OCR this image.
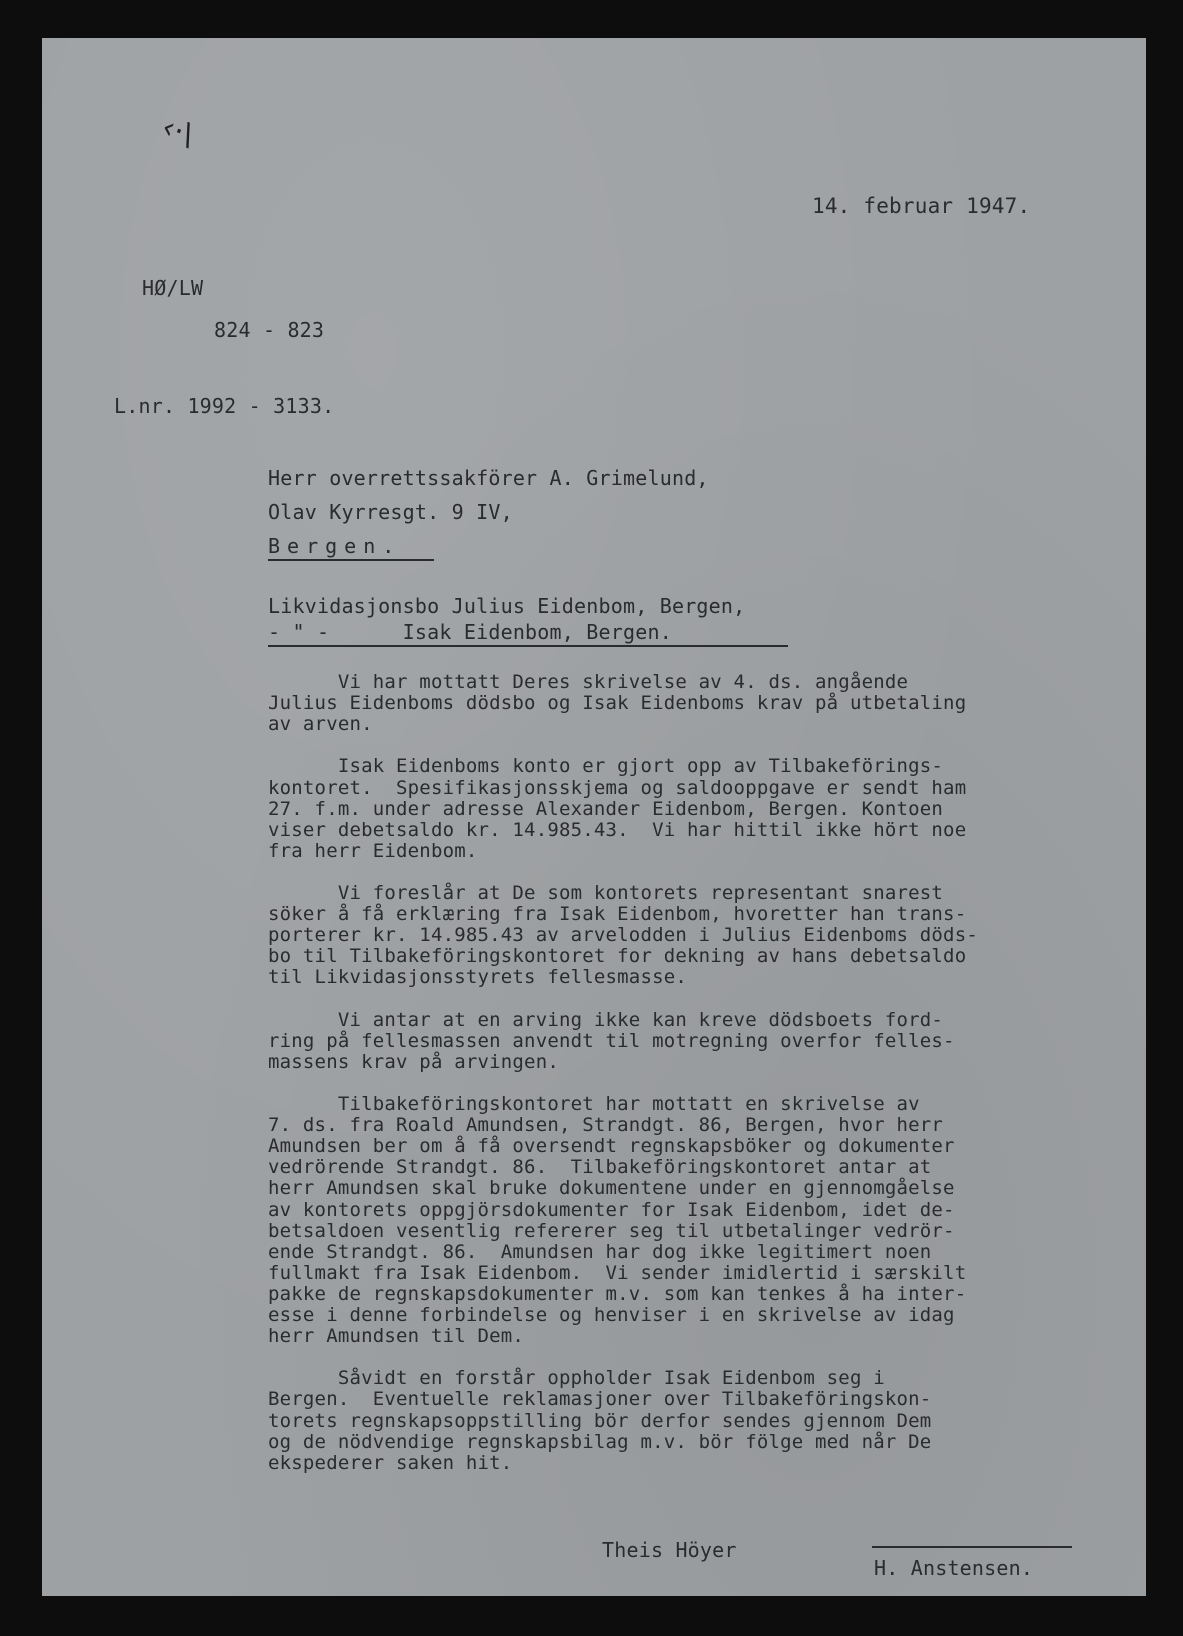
‹·\
14. februar 1947.
HØ/LW
824 - 823
L.nr. 1992 - 3133.
Herr overrettssakförer A. Grimelund,
Olav Kyrresgt. 9 IV,
Bergen.
Likvidasjonsbo Julius Eidenbom, Bergen,
- " -      Isak Eidenbom, Bergen.
Vi har mottatt Deres skrivelse av 4. ds. angående
Julius Eidenboms dödsbo og Isak Eidenboms krav på utbetaling
av arven.
Isak Eidenboms konto er gjort opp av Tilbakeförings-
kontoret.  Spesifikasjonsskjema og saldooppgave er sendt ham
27. f.m. under adresse Alexander Eidenbom, Bergen. Kontoen
viser debetsaldo kr. 14.985.43.  Vi har hittil ikke hört noe
fra herr Eidenbom.
Vi foreslår at De som kontorets representant snarest
söker å få erklæring fra Isak Eidenbom, hvoretter han trans-
porterer kr. 14.985.43 av arvelodden i Julius Eidenboms döds-
bo til Tilbakeföringskontoret for dekning av hans debetsaldo
til Likvidasjonsstyrets fellesmasse.
Vi antar at en arving ikke kan kreve dödsboets ford-
ring på fellesmassen anvendt til motregning overfor felles-
massens krav på arvingen.
Tilbakeföringskontoret har mottatt en skrivelse av
7. ds. fra Roald Amundsen, Strandgt. 86, Bergen, hvor herr
Amundsen ber om å få oversendt regnskapsböker og dokumenter
vedrörende Strandgt. 86.  Tilbakeföringskontoret antar at
herr Amundsen skal bruke dokumentene under en gjennomgåelse
av kontorets oppgjörsdokumenter for Isak Eidenbom, idet de-
betsaldoen vesentlig refererer seg til utbetalinger vedrör-
ende Strandgt. 86.  Amundsen har dog ikke legitimert noen
fullmakt fra Isak Eidenbom.  Vi sender imidlertid i særskilt
pakke de regnskapsdokumenter m.v. som kan tenkes å ha inter-
esse i denne forbindelse og henviser i en skrivelse av idag
herr Amundsen til Dem.
Såvidt en forstår oppholder Isak Eidenbom seg i
Bergen.  Eventuelle reklamasjoner over Tilbakeföringskon-
torets regnskapsoppstilling bör derfor sendes gjennom Dem
og de nödvendige regnskapsbilag m.v. bör fölge med når De
ekspederer saken hit.
Theis Höyer
H. Anstensen.
